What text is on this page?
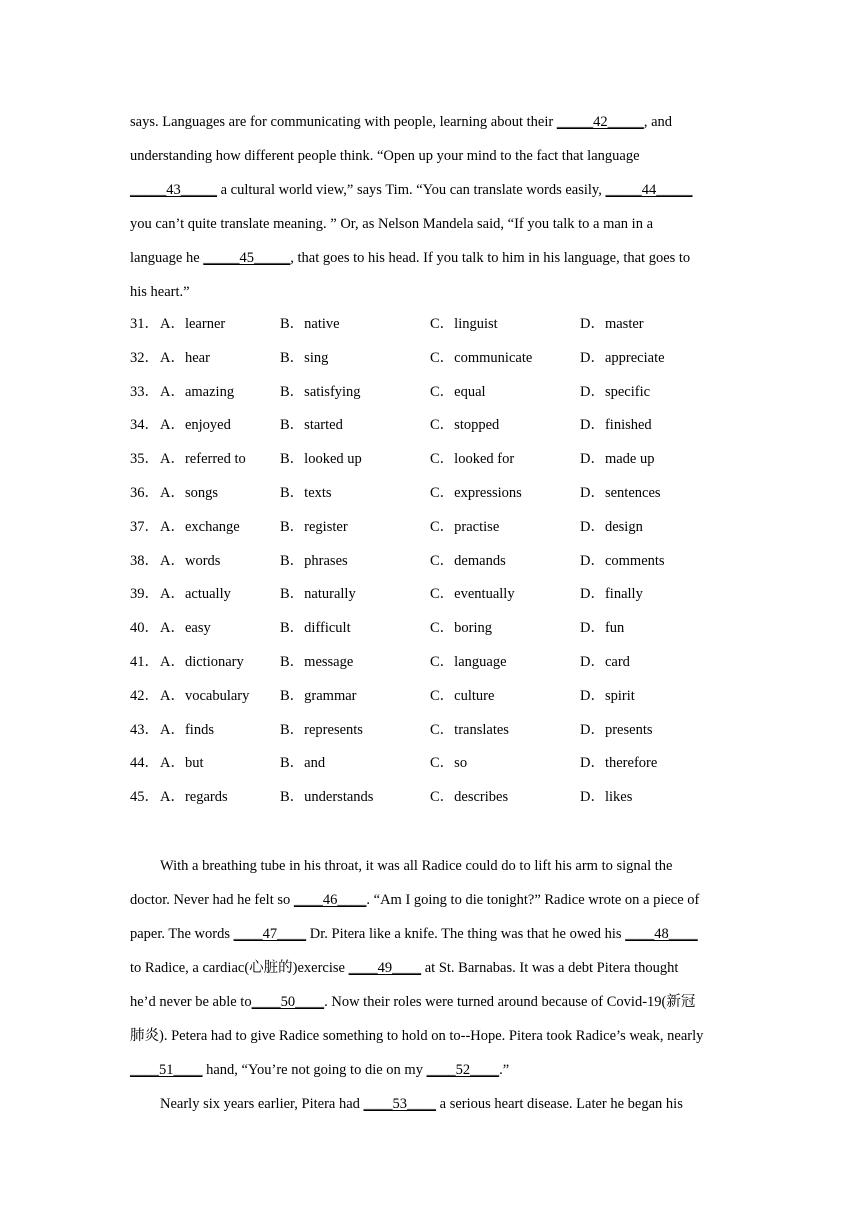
says. Languages are for communicating with people, learning about their _____42_____, and
understanding how different people think. “Open up your mind to the fact that language
_____43_____ a cultural world view,” says Tim. “You can translate words easily, _____44_____
you can’t quite translate meaning. ” Or, as Nelson Mandela said, “If you talk to a man in a
language he _____45_____, that goes to his head. If you talk to him in his language, that goes to
his heart.”
31． A．learner	B．native	C．linguist	D．master
32． A．hear	B．sing	C．communicate	D．appreciate
33． A．amazing	B．satisfying	C．equal	D．specific
34． A．enjoyed	B．started	C．stopped	D．finished
35． A．referred to B．looked up	C．looked for	D．made up
36． A．songs	B．texts	C．expressions	D．sentences
37． A．exchange	B．register	C．practise	D．design
38． A．words	B．phrases	C．demands	D．comments
39． A．actually	B．naturally	C．eventually	D．finally
40． A．easy	B．difficult	C．boring	D．fun
41． A．dictionary B．message	C．language	D．card
42． A．vocabulary B．grammar	C．culture	D．spirit
43． A．finds	B．represents	C．translates	D．presents
44． A．but	B．and	C．so	D．therefore
45． A．regards	B．understands	C．describes	D．likes
With a breathing tube in his throat, it was all Radice could do to lift his arm to signal the
doctor. Never had he felt so ____46____. “Am I going to die tonight?” Radice wrote on a piece of
paper. The words ____47____ Dr. Pitera like a knife. The thing was that he owed his ____48____
to Radice, a cardiac(心脏的)exercise ____49____ at St. Barnabas. It was a debt Pitera thought
he’d never be able to____50____. Now their roles were turned around because of Covid-19(新冠
肺炎). Petera had to give Radice something to hold on to--Hope. Pitera took Radice’s weak, nearly
____51____ hand, “You’re not going to die on my ____52____.”
Nearly six years earlier, Pitera had ____53____ a serious heart disease. Later he began his
